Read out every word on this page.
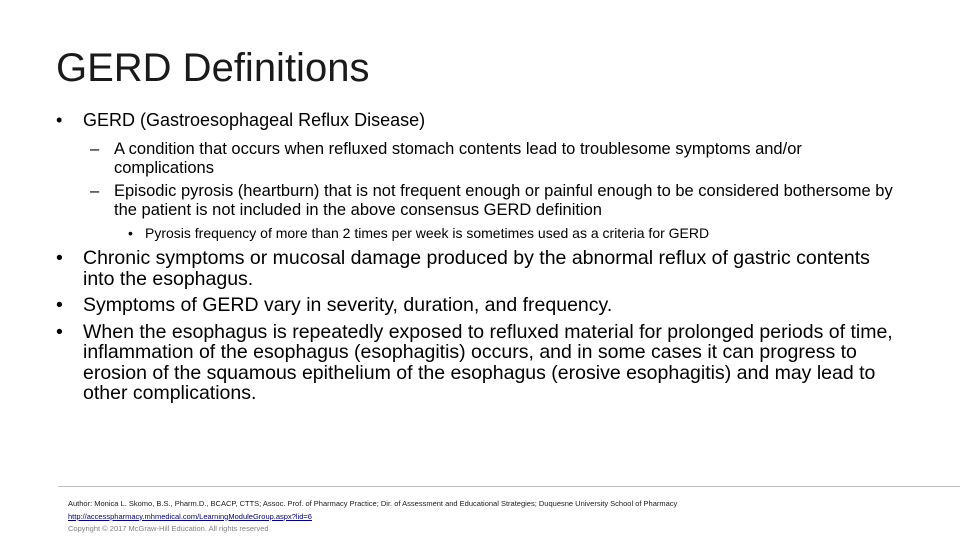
GERD Definitions
• GERD (Gastroesophageal Reflux Disease)
– A condition that occurs when refluxed stomach contents lead to troublesome symptoms and/or complications
– Episodic pyrosis (heartburn) that is not frequent enough or painful enough to be considered bothersome by the patient is not included in the above consensus GERD definition
• Pyrosis frequency of more than 2 times per week is sometimes used as a criteria for GERD
• Chronic symptoms or mucosal damage produced by the abnormal reflux of gastric contents into the esophagus.
• Symptoms of GERD vary in severity, duration, and frequency.
• When the esophagus is repeatedly exposed to refluxed material for prolonged periods of time, inflammation of the esophagus (esophagitis) occurs, and in some cases it can progress to erosion of the squamous epithelium of the esophagus (erosive esophagitis) and may lead to other complications.
Author: Monica L. Skomo, B.S., Pharm.D., BCACP, CTTS; Assoc. Prof. of Pharmacy Practice; Dir. of Assessment and Educational Strategies; Duquesne University School of Pharmacy
http://accesspharmacy.mhmedical.com/LearningModuleGroup.aspx?lid=6
Copyright © 2017 McGraw-Hill Education. All rights reserved
